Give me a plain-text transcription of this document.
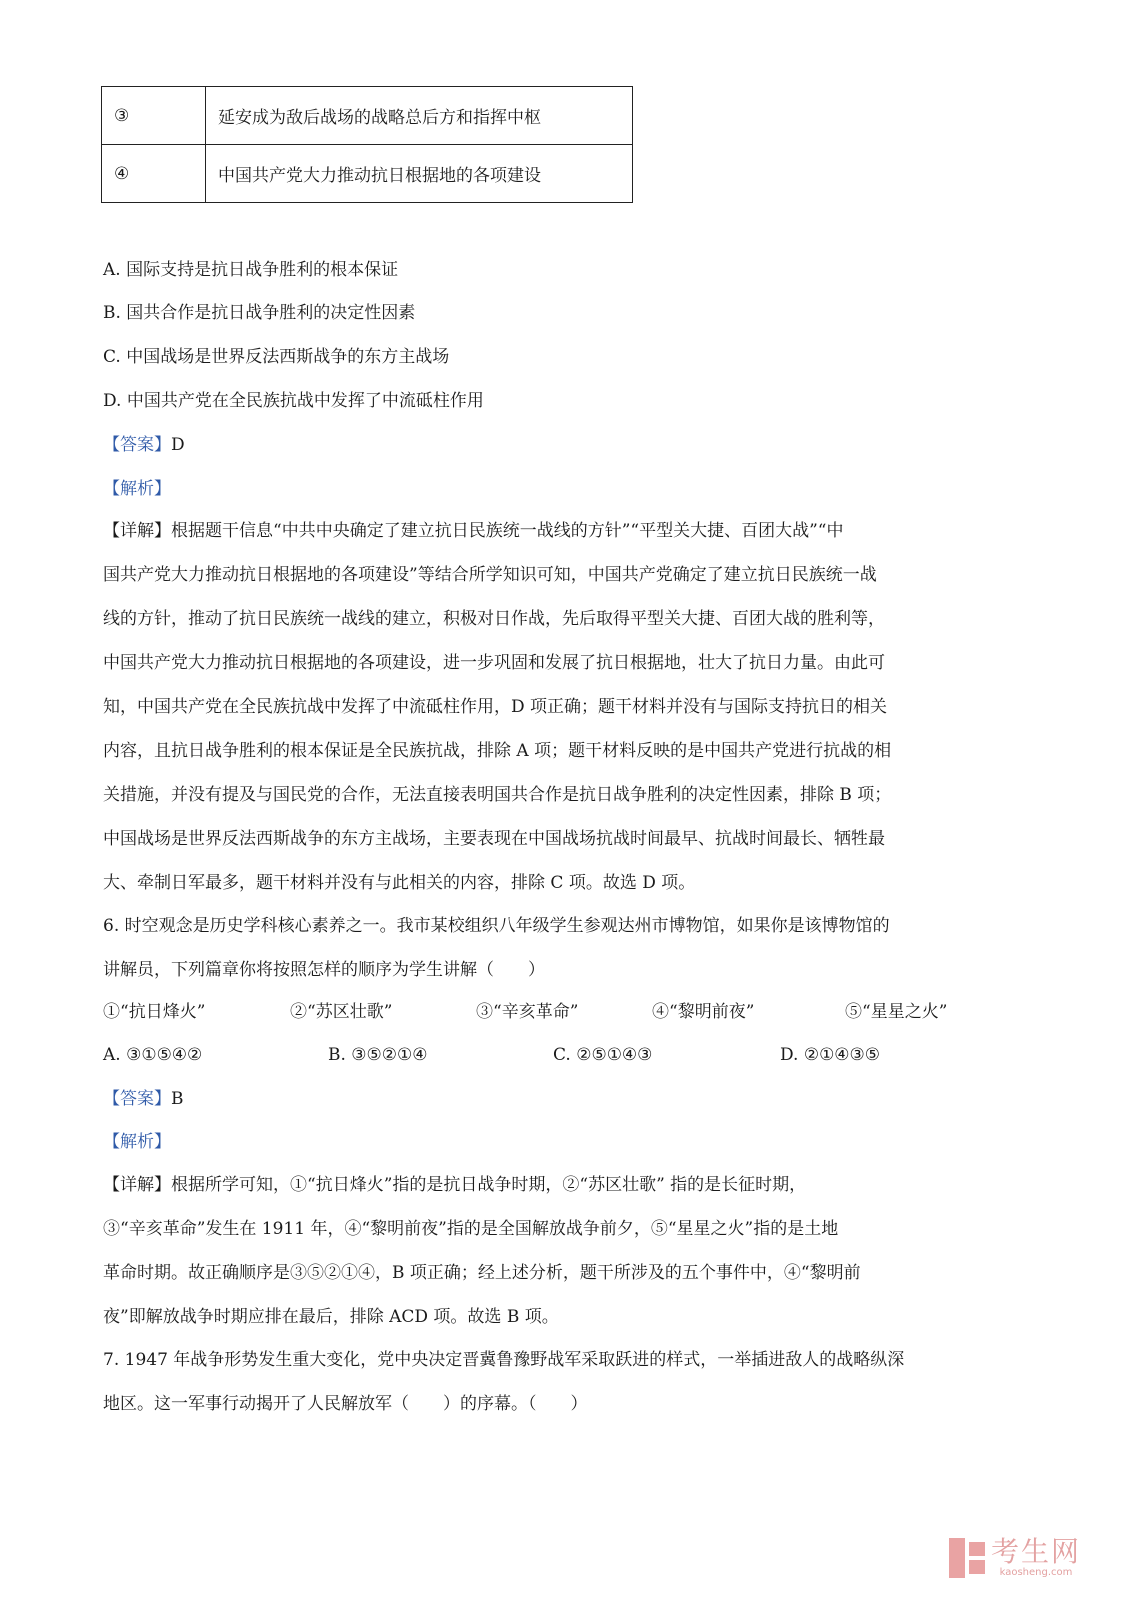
③	延安成为敌后战场的战略总后方和指挥中枢
④	中国共产党大力推动抗日根据地的各项建设
A. 国际支持是抗日战争胜利的根本保证
B. 国共合作是抗日战争胜利的决定性因素
C. 中国战场是世界反法西斯战争的东方主战场
D. 中国共产党在全民族抗战中发挥了中流砥柱作用
【答案】D
【解析】
【详解】根据题干信息“中共中央确定了建立抗日民族统一战线的方针”“平型关大捷、百团大战”“中
国共产党大力推动抗日根据地的各项建设”等结合所学知识可知，中国共产党确定了建立抗日民族统一战
线的方针，推动了抗日民族统一战线的建立，积极对日作战，先后取得平型关大捷、百团大战的胜利等，
中国共产党大力推动抗日根据地的各项建设，进一步巩固和发展了抗日根据地，壮大了抗日力量。由此可
知，中国共产党在全民族抗战中发挥了中流砥柱作用，D 项正确；题干材料并没有与国际支持抗日的相关
内容，且抗日战争胜利的根本保证是全民族抗战，排除 A 项；题干材料反映的是中国共产党进行抗战的相
关措施，并没有提及与国民党的合作，无法直接表明国共合作是抗日战争胜利的决定性因素，排除 B 项；
中国战场是世界反法西斯战争的东方主战场，主要表现在中国战场抗战时间最早、抗战时间最长、牺牲最
大、牵制日军最多，题干材料并没有与此相关的内容，排除 C 项。故选 D 项。
6. 时空观念是历史学科核心素养之一。我市某校组织八年级学生参观达州市博物馆，如果你是该博物馆的
讲解员，下列篇章你将按照怎样的顺序为学生讲解（　　）
①“抗日烽火”	②“苏区壮歌”	③“辛亥革命”	④“黎明前夜”	⑤“星星之火”
A. ③①⑤④②	B. ③⑤②①④	C. ②⑤①④③	D. ②①④③⑤
【答案】B
【解析】
【详解】根据所学可知，①“抗日烽火”指的是抗日战争时期，②“苏区壮歌” 指的是长征时期，
③“辛亥革命”发生在 1911 年，④“黎明前夜”指的是全国解放战争前夕，⑤“星星之火”指的是土地
革命时期。故正确顺序是③⑤②①④，B 项正确；经上述分析，题干所涉及的五个事件中，④“黎明前
夜”即解放战争时期应排在最后，排除 ACD 项。故选 B 项。
7. 1947 年战争形势发生重大变化，党中央决定晋冀鲁豫野战军采取跃进的样式，一举插进敌人的战略纵深
地区。这一军事行动揭开了人民解放军（　　）的序幕。（　　）
考生网
kaosheng.com
